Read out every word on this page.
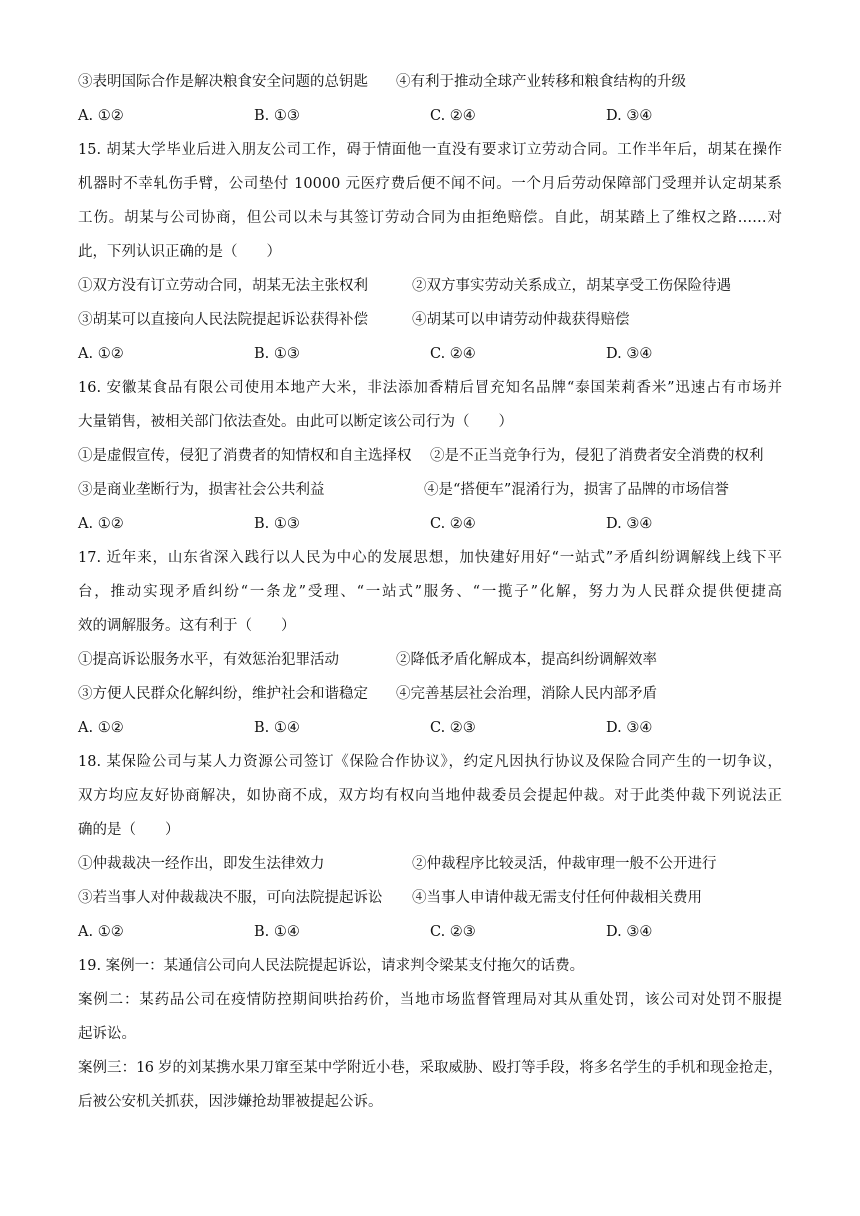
③表明国际合作是解决粮食安全问题的总钥匙 ④有利于推动全球产业转移和粮食结构的升级
A. ①②	B. ①③	C. ②④	D. ③④
15. 胡某大学毕业后进入朋友公司工作，碍于情面他一直没有要求订立劳动合同。工作半年后，胡某在操作
机器时不幸轧伤手臂，公司垫付 10000 元医疗费后便不闻不问。一个月后劳动保障部门受理并认定胡某系
工伤。胡某与公司协商，但公司以未与其签订劳动合同为由拒绝赔偿。自此，胡某踏上了维权之路……对
此，下列认识正确的是（　　）
①双方没有订立劳动合同，胡某无法主张权利	②双方事实劳动关系成立，胡某享受工伤保险待遇
③胡某可以直接向人民法院提起诉讼获得补偿	④胡某可以申请劳动仲裁获得赔偿
A. ①②	B. ①③	C. ②④	D. ③④
16. 安徽某食品有限公司使用本地产大米，非法添加香精后冒充知名品牌“泰国茉莉香米”迅速占有市场并
大量销售，被相关部门依法查处。由此可以断定该公司行为（　　）
①是虚假宣传，侵犯了消费者的知情权和自主选择权 ②是不正当竞争行为，侵犯了消费者安全消费的权利
③是商业垄断行为，损害社会公共利益	④是“搭便车”混淆行为，损害了品牌的市场信誉
A. ①②	B. ①③	C. ②④	D. ③④
17. 近年来，山东省深入践行以人民为中心的发展思想，加快建好用好“一站式”矛盾纠纷调解线上线下平
台，推动实现矛盾纠纷“一条龙”受理、“一站式”服务、“一揽子”化解，努力为人民群众提供便捷高
效的调解服务。这有利于（　　）
①提高诉讼服务水平，有效惩治犯罪活动	②降低矛盾化解成本，提高纠纷调解效率
③方便人民群众化解纠纷，维护社会和谐稳定 ④完善基层社会治理，消除人民内部矛盾
A. ①②	B. ①④	C. ②③	D. ③④
18. 某保险公司与某人力资源公司签订《保险合作协议》，约定凡因执行协议及保险合同产生的一切争议，
双方均应友好协商解决，如协商不成，双方均有权向当地仲裁委员会提起仲裁。对于此类仲裁下列说法正
确的是（　　）
①仲裁裁决一经作出，即发生法律效力	②仲裁程序比较灵活，仲裁审理一般不公开进行
③若当事人对仲裁裁决不服，可向法院提起诉讼 ④当事人申请仲裁无需支付任何仲裁相关费用
A. ①②	B. ①④	C. ②③	D. ③④
19. 案例一：某通信公司向人民法院提起诉讼，请求判令梁某支付拖欠的话费。
案例二：某药品公司在疫情防控期间哄抬药价，当地市场监督管理局对其从重处罚，该公司对处罚不服提
起诉讼。
案例三：16 岁的刘某携水果刀窜至某中学附近小巷，采取威胁、殴打等手段，将多名学生的手机和现金抢走，
后被公安机关抓获，因涉嫌抢劫罪被提起公诉。
